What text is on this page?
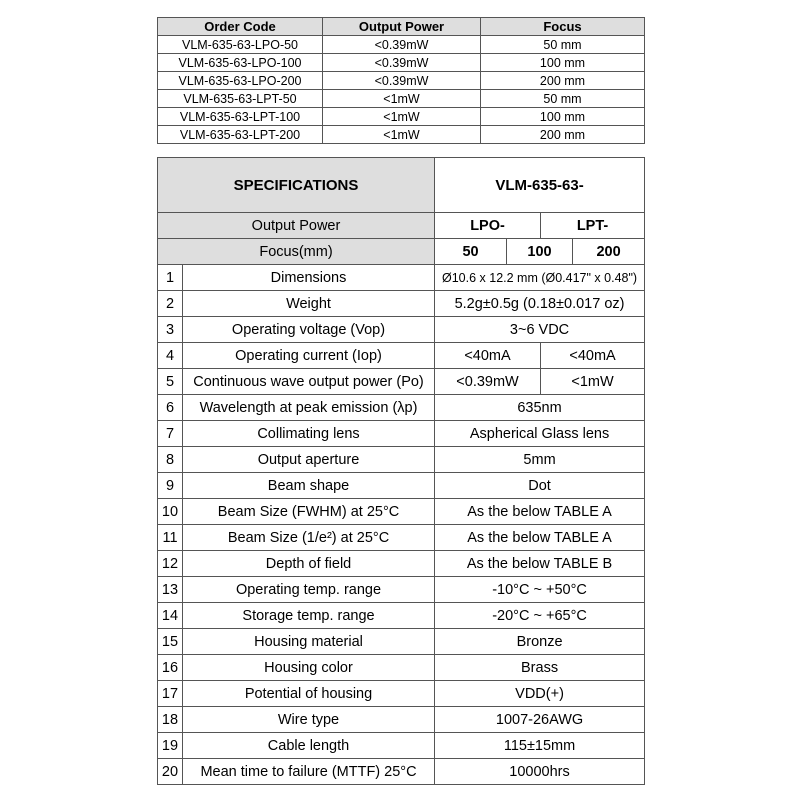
Order Code	Output Power	Focus
VLM-635-63-LPO-50	<0.39mW	50 mm
VLM-635-63-LPO-100	<0.39mW	100 mm
VLM-635-63-LPO-200	<0.39mW	200 mm
VLM-635-63-LPT-50	<1mW	50 mm
VLM-635-63-LPT-100	<1mW	100 mm
VLM-635-63-LPT-200	<1mW	200 mm
SPECIFICATIONS		VLM-635-63-			
Output Power		LPO-		LPT-	
Focus(mm)		50	100		200
1	Dimensions	Ø10.6 x 12.2 mm (Ø0.417" x 0.48")			
2	Weight	5.2g±0.5g (0.18±0.017 oz)			
3	Operating voltage (Vop)	3~6 VDC			
4	Operating current (Iop)	<40mA		<40mA	
5	Continuous wave output power (Po)	<0.39mW		<1mW	
6	Wavelength at peak emission (λp)	635nm			
7	Collimating lens	Aspherical Glass lens			
8	Output aperture	5mm			
9	Beam shape	Dot			
10	Beam Size (FWHM) at 25°C	As the below TABLE A			
11	Beam Size (1/e²) at 25°C	As the below TABLE A			
12	Depth of field	As the below TABLE B			
13	Operating temp. range	-10°C ~ +50°C			
14	Storage temp. range	-20°C ~ +65°C			
15	Housing material	Bronze			
16	Housing color	Brass			
17	Potential of housing	VDD(+)			
18	Wire type	1007-26AWG			
19	Cable length	115±15mm			
20	Mean time to failure (MTTF) 25°C	10000hrs			
